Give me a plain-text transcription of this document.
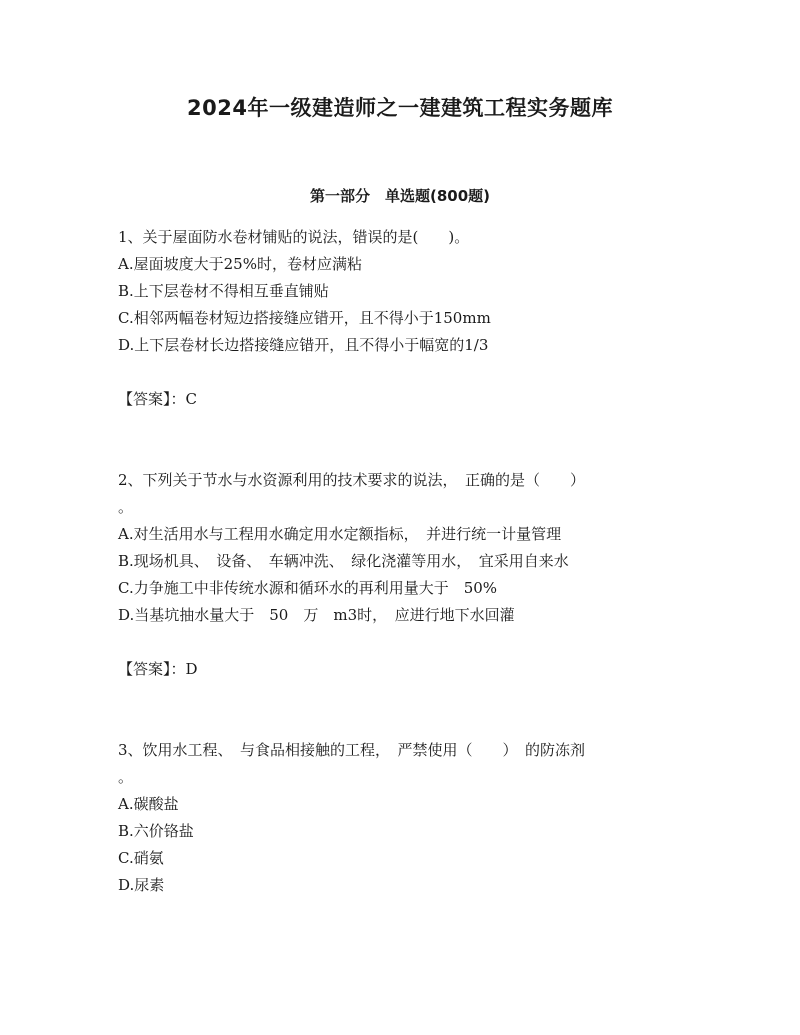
2024年一级建造师之一建建筑工程实务题库
第一部分　单选题(800题)
1、关于屋面防水卷材铺贴的说法，错误的是(　　)。
A.屋面坡度大于25%时，卷材应满粘
B.上下层卷材不得相互垂直铺贴
C.相邻两幅卷材短边搭接缝应错开，且不得小于150mm
D.上下层卷材长边搭接缝应错开，且不得小于幅宽的1/3
【答案】：C
2、下列关于节水与水资源利用的技术要求的说法，　正确的是（　　）
。
A.对生活用水与工程用水确定用水定额指标，　并进行统一计量管理
B.现场机具、　设备、　车辆冲洗、　绿化浇灌等用水，　宜采用自来水
C.力争施工中非传统水源和循环水的再利用量大于　50%
D.当基坑抽水量大于　50　万　m3时，　应进行地下水回灌
【答案】：D
3、饮用水工程、　与食品相接触的工程，　严禁使用（　　）　的防冻剂
。
A.碳酸盐
B.六价铬盐
C.硝氨
D.尿素
